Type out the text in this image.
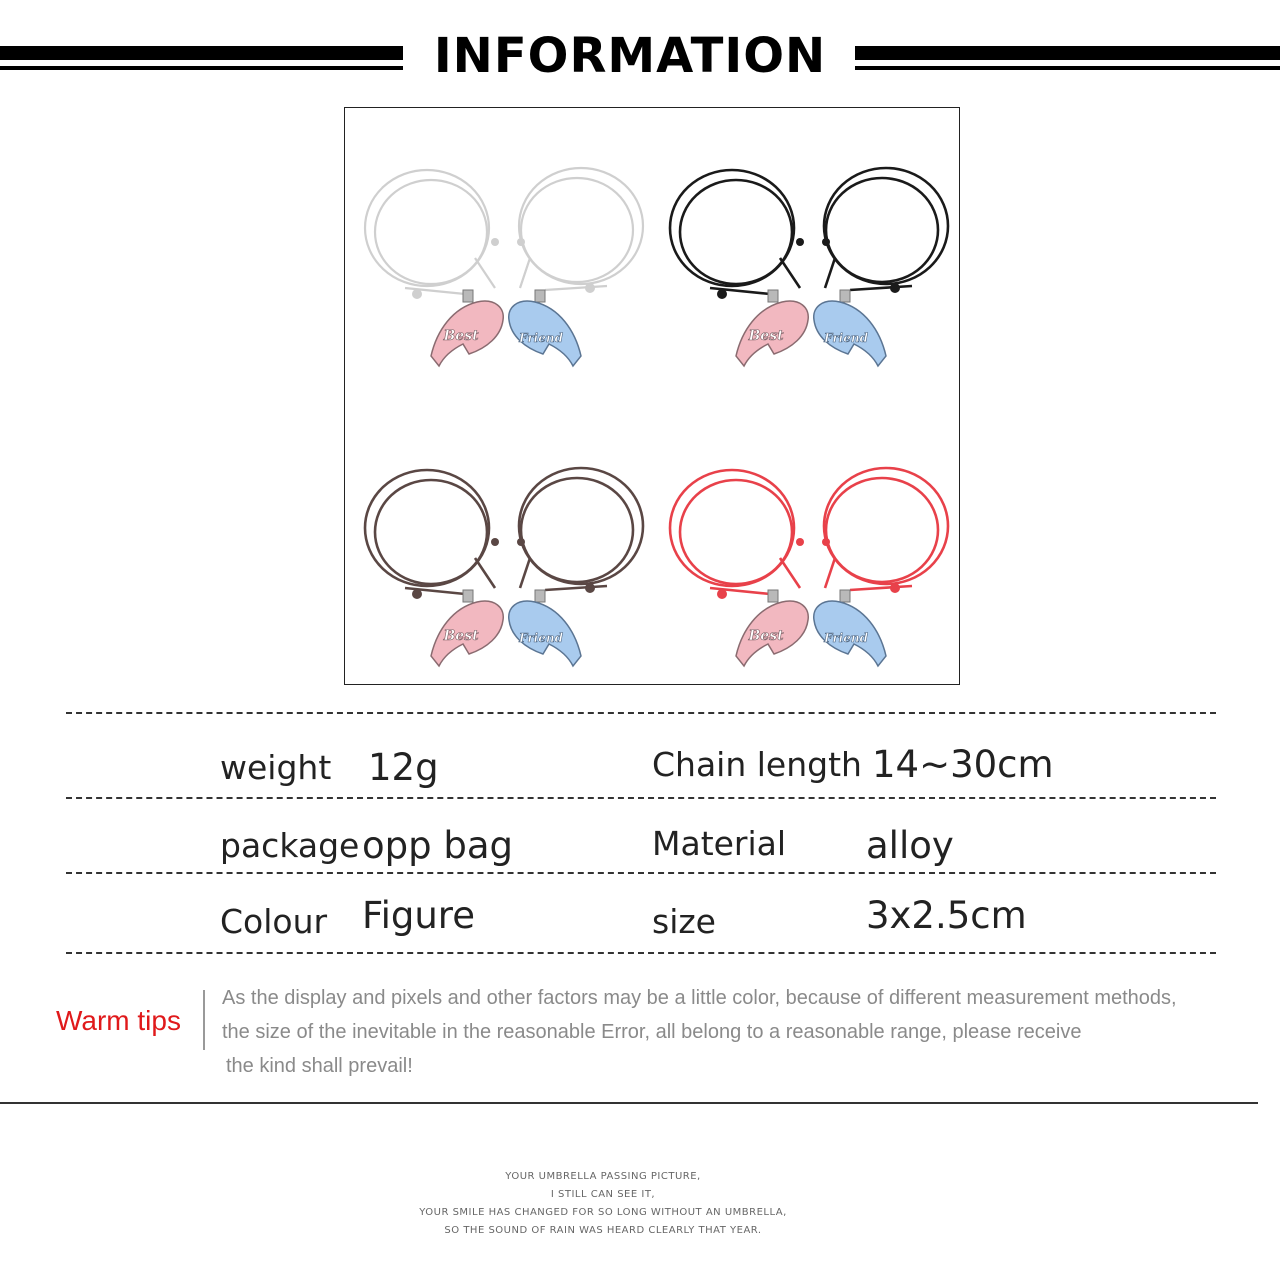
INFORMATION
Best	Friend	Best	Friend
Best	Friend	Best	Friend
weight 12g	Chain length 14~30cm
package opp bag	Material alloy
Colour Figure	size	3x2.5cm
Warm tips
As the display and pixels and other factors may be a little color, because of different measurement methods,
the size of the inevitable in the reasonable Error, all belong to a reasonable range, please receive
the kind shall prevail!
YOUR UMBRELLA PASSING PICTURE,
I STILL CAN SEE IT,
YOUR SMILE HAS CHANGED FOR SO LONG WITHOUT AN UMBRELLA,
SO THE SOUND OF RAIN WAS HEARD CLEARLY THAT YEAR.
